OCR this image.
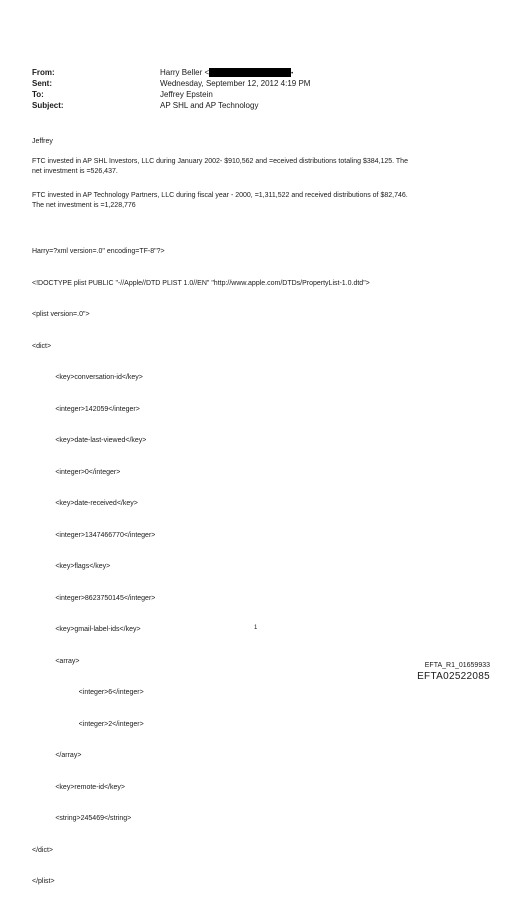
From:	Harry Beller <	•
Sent:	Wednesday, September 12, 2012 4:19 PM
To:	Jeffrey Epstein
Subject:	AP SHL and AP Technology
Jeffrey
FTC invested in AP SHL Investors, LLC during January 2002- $910,562 and =eceived distributions totaling $384,125. The
net investment is =526,437.
FTC invested in AP Technology Partners, LLC during fiscal year - 2000, =1,311,522 and received distributions of $82,746.
The net investment is =1,228,776

Harry=?xml version=.0" encoding=TF-8"?>

<!DOCTYPE plist PUBLIC "-//Apple//DTD PLIST 1.0//EN" "http://www.apple.com/DTDs/PropertyList-1.0.dtd">

<plist version=.0">

<dict>

<key>conversation-id</key>

<integer>142059</integer>

<key>date-last-viewed</key>

<integer>0</integer>

<key>date-received</key>

<integer>1347466770</integer>

<key>flags</key>

<integer>8623750145</integer>

<key>gmail-label-ids</key>

<array>

<integer>6</integer>

<integer>2</integer>

</array>

<key>remote-id</key>

<string>245469</string>

</dict>

</plist>

1
EFTA_R1_01659933
EFTA02522085
